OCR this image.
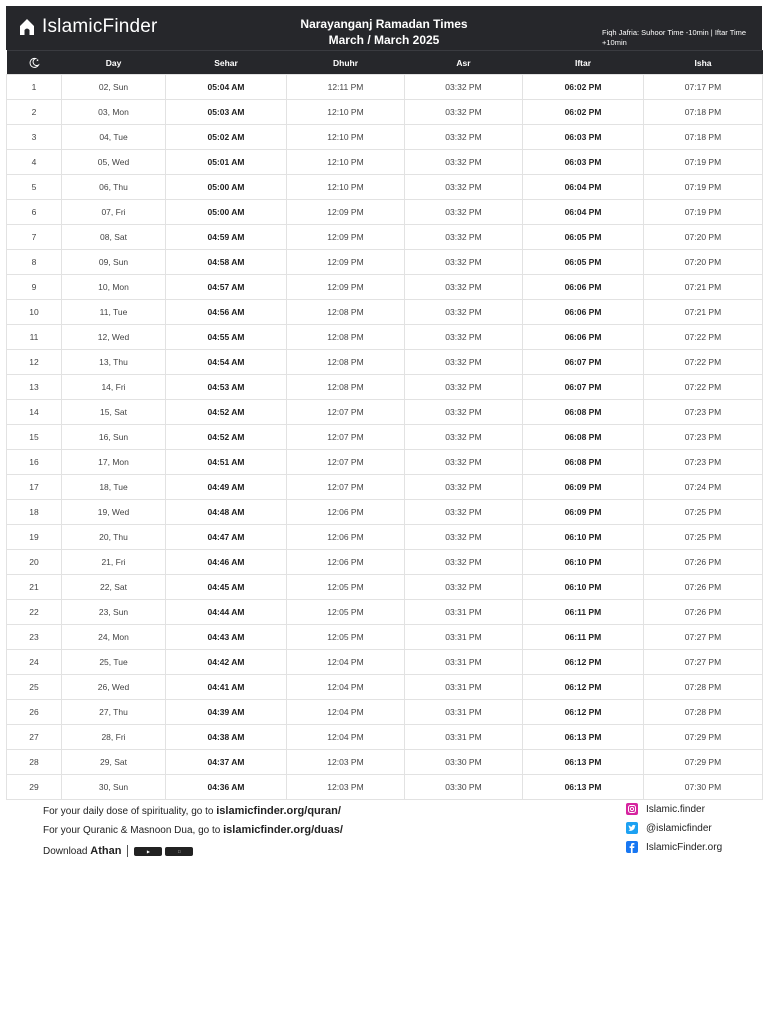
IslamicFinder	Narayanganj Ramadan Times
March / March 2025
Fiqh Jafria: Suhoor Time -10min | Iftar Time +10min
	Day	Sehar	Dhuhr	Asr	Iftar	Isha
1	02, Sun	05:04 AM	12:11 PM	03:32 PM	06:02 PM	07:17 PM
2	03, Mon	05:03 AM	12:10 PM	03:32 PM	06:02 PM	07:18 PM
3	04, Tue	05:02 AM	12:10 PM	03:32 PM	06:03 PM	07:18 PM
4	05, Wed	05:01 AM	12:10 PM	03:32 PM	06:03 PM	07:19 PM
5	06, Thu	05:00 AM	12:10 PM	03:32 PM	06:04 PM	07:19 PM
6	07, Fri	05:00 AM	12:09 PM	03:32 PM	06:04 PM	07:19 PM
7	08, Sat	04:59 AM	12:09 PM	03:32 PM	06:05 PM	07:20 PM
8	09, Sun	04:58 AM	12:09 PM	03:32 PM	06:05 PM	07:20 PM
9	10, Mon	04:57 AM	12:09 PM	03:32 PM	06:06 PM	07:21 PM
10	11, Tue	04:56 AM	12:08 PM	03:32 PM	06:06 PM	07:21 PM
11	12, Wed	04:55 AM	12:08 PM	03:32 PM	06:06 PM	07:22 PM
12	13, Thu	04:54 AM	12:08 PM	03:32 PM	06:07 PM	07:22 PM
13	14, Fri	04:53 AM	12:08 PM	03:32 PM	06:07 PM	07:22 PM
14	15, Sat	04:52 AM	12:07 PM	03:32 PM	06:08 PM	07:23 PM
15	16, Sun	04:52 AM	12:07 PM	03:32 PM	06:08 PM	07:23 PM
16	17, Mon	04:51 AM	12:07 PM	03:32 PM	06:08 PM	07:23 PM
17	18, Tue	04:49 AM	12:07 PM	03:32 PM	06:09 PM	07:24 PM
18	19, Wed	04:48 AM	12:06 PM	03:32 PM	06:09 PM	07:25 PM
19	20, Thu	04:47 AM	12:06 PM	03:32 PM	06:10 PM	07:25 PM
20	21, Fri	04:46 AM	12:06 PM	03:32 PM	06:10 PM	07:26 PM
21	22, Sat	04:45 AM	12:05 PM	03:32 PM	06:10 PM	07:26 PM
22	23, Sun	04:44 AM	12:05 PM	03:31 PM	06:11 PM	07:26 PM
23	24, Mon	04:43 AM	12:05 PM	03:31 PM	06:11 PM	07:27 PM
24	25, Tue	04:42 AM	12:04 PM	03:31 PM	06:12 PM	07:27 PM
25	26, Wed	04:41 AM	12:04 PM	03:31 PM	06:12 PM	07:28 PM
26	27, Thu	04:39 AM	12:04 PM	03:31 PM	06:12 PM	07:28 PM
27	28, Fri	04:38 AM	12:04 PM	03:31 PM	06:13 PM	07:29 PM
28	29, Sat	04:37 AM	12:03 PM	03:30 PM	06:13 PM	07:29 PM
29	30, Sun	04:36 AM	12:03 PM	03:30 PM	06:13 PM	07:30 PM
For your daily dose of spirituality, go to islamicfinder.org/quran/
For your Quranic & Masnoon Dua, go to islamicfinder.org/duas/
Download Athan	▶
Islamic.finder
@islamicfinder
IslamicFinder.org
